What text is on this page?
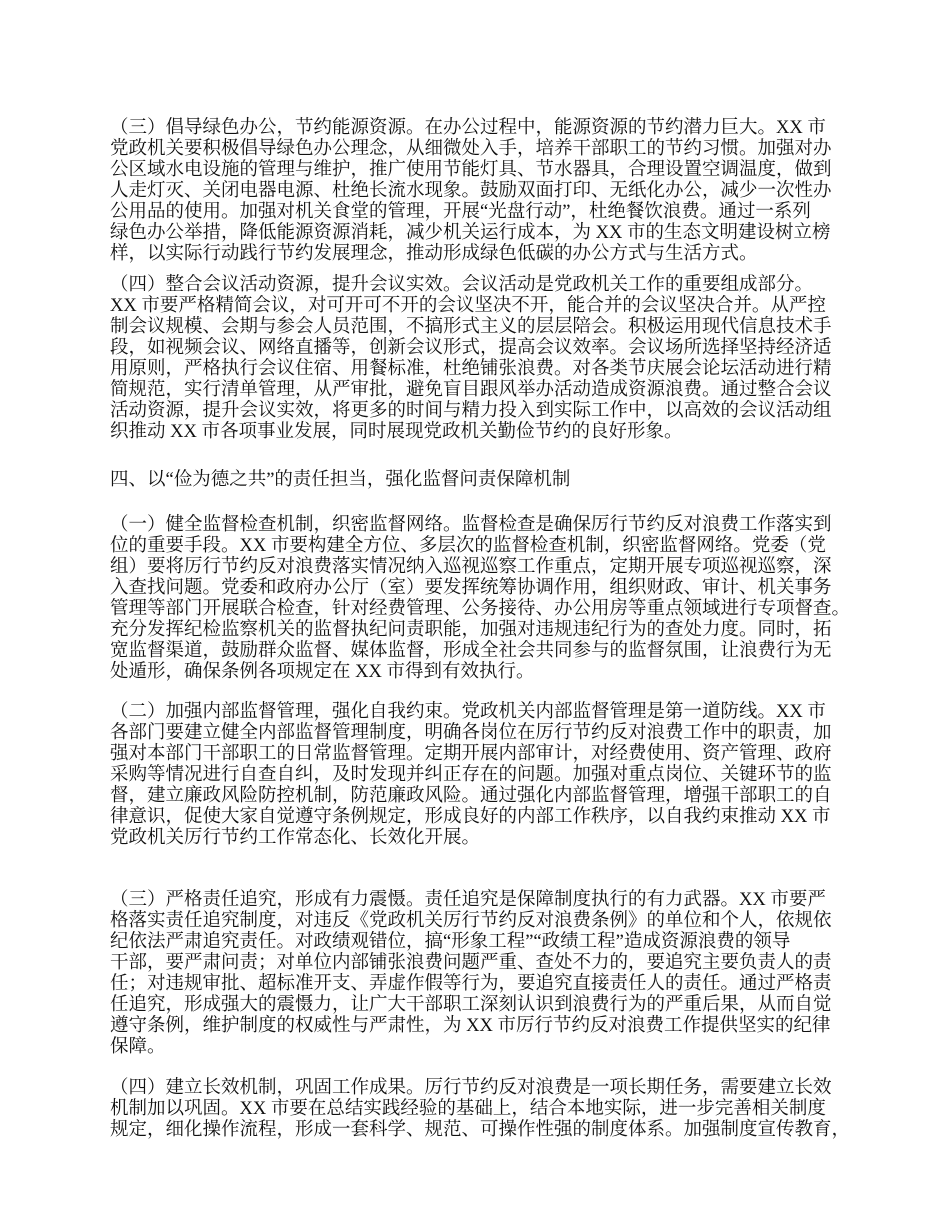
（三）倡导绿色办公，节约能源资源。在办公过程中，能源资源的节约潜力巨大。XX 市
党政机关要积极倡导绿色办公理念，从细微处入手，培养干部职工的节约习惯。加强对办
公区域水电设施的管理与维护，推广使用节能灯具、节水器具，合理设置空调温度，做到
人走灯灭、关闭电器电源、杜绝长流水现象。鼓励双面打印、无纸化办公，减少一次性办
公用品的使用。加强对机关食堂的管理，开展“光盘行动”，杜绝餐饮浪费。通过一系列
绿色办公举措，降低能源资源消耗，减少机关运行成本，为 XX 市的生态文明建设树立榜
样，以实际行动践行节约发展理念，推动形成绿色低碳的办公方式与生活方式。
（四）整合会议活动资源，提升会议实效。会议活动是党政机关工作的重要组成部分。
XX 市要严格精简会议，对可开可不开的会议坚决不开，能合并的会议坚决合并。从严控
制会议规模、会期与参会人员范围，不搞形式主义的层层陪会。积极运用现代信息技术手
段，如视频会议、网络直播等，创新会议形式，提高会议效率。会议场所选择坚持经济适
用原则，严格执行会议住宿、用餐标准，杜绝铺张浪费。对各类节庆展会论坛活动进行精
简规范，实行清单管理，从严审批，避免盲目跟风举办活动造成资源浪费。通过整合会议
活动资源，提升会议实效，将更多的时间与精力投入到实际工作中，以高效的会议活动组
织推动 XX 市各项事业发展，同时展现党政机关勤俭节约的良好形象。
四、以“俭为德之共”的责任担当，强化监督问责保障机制
（一）健全监督检查机制，织密监督网络。监督检查是确保厉行节约反对浪费工作落实到
位的重要手段。XX 市要构建全方位、多层次的监督检查机制，织密监督网络。党委（党
组）要将厉行节约反对浪费落实情况纳入巡视巡察工作重点，定期开展专项巡视巡察，深
入查找问题。党委和政府办公厅（室）要发挥统筹协调作用，组织财政、审计、机关事务
管理等部门开展联合检查，针对经费管理、公务接待、办公用房等重点领域进行专项督查。
充分发挥纪检监察机关的监督执纪问责职能，加强对违规违纪行为的查处力度。同时，拓
宽监督渠道，鼓励群众监督、媒体监督，形成全社会共同参与的监督氛围，让浪费行为无
处遁形，确保条例各项规定在 XX 市得到有效执行。
（二）加强内部监督管理，强化自我约束。党政机关内部监督管理是第一道防线。XX 市
各部门要建立健全内部监督管理制度，明确各岗位在厉行节约反对浪费工作中的职责，加
强对本部门干部职工的日常监督管理。定期开展内部审计，对经费使用、资产管理、政府
采购等情况进行自查自纠，及时发现并纠正存在的问题。加强对重点岗位、关键环节的监
督，建立廉政风险防控机制，防范廉政风险。通过强化内部监督管理，增强干部职工的自
律意识，促使大家自觉遵守条例规定，形成良好的内部工作秩序，以自我约束推动 XX 市
党政机关厉行节约工作常态化、长效化开展。
（三）严格责任追究，形成有力震慑。责任追究是保障制度执行的有力武器。XX 市要严
格落实责任追究制度，对违反《党政机关厉行节约反对浪费条例》的单位和个人，依规依
纪依法严肃追究责任。对政绩观错位，搞“形象工程”“政绩工程”造成资源浪费的领导
干部，要严肃问责；对单位内部铺张浪费问题严重、查处不力的，要追究主要负责人的责
任；对违规审批、超标准开支、弄虚作假等行为，要追究直接责任人的责任。通过严格责
任追究，形成强大的震慑力，让广大干部职工深刻认识到浪费行为的严重后果，从而自觉
遵守条例，维护制度的权威性与严肃性，为 XX 市厉行节约反对浪费工作提供坚实的纪律
保障。
（四）建立长效机制，巩固工作成果。厉行节约反对浪费是一项长期任务，需要建立长效
机制加以巩固。XX 市要在总结实践经验的基础上，结合本地实际，进一步完善相关制度
规定，细化操作流程，形成一套科学、规范、可操作性强的制度体系。加强制度宣传教育，
